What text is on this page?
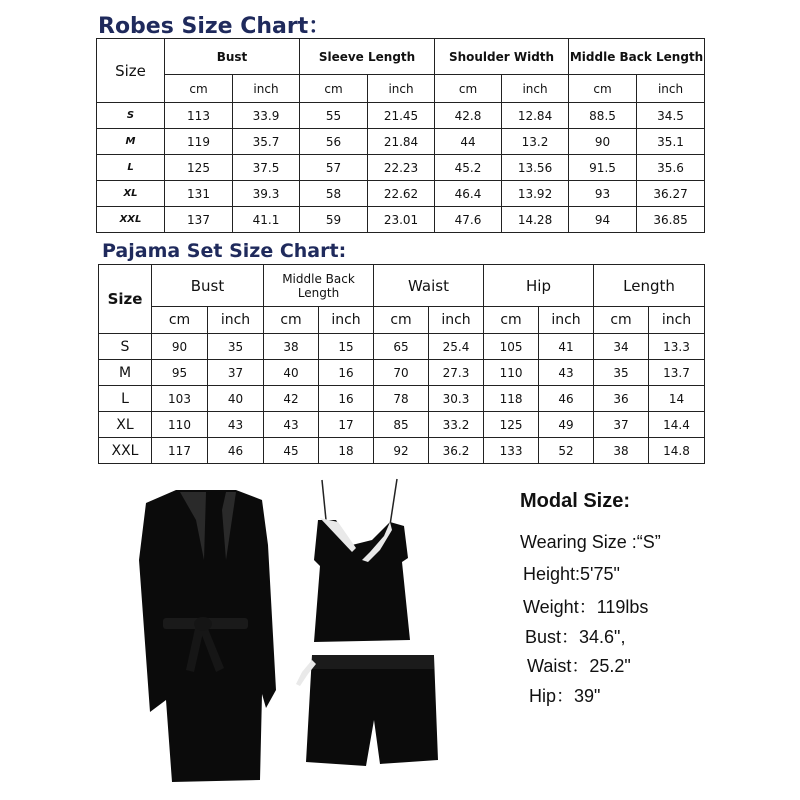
Robes Size Chart：
Size	Bust		Sleeve Length		Shoulder Width		Middle Back Length	
	cm	inch	cm	inch	cm	inch	cm	inch
S	113	33.9	55	21.45	42.8	12.84	88.5	34.5
M	119	35.7	56	21.84	44	13.2	90	35.1
L	125	37.5	57	22.23	45.2	13.56	91.5	35.6
XL	131	39.3	58	22.62	46.4	13.92	93	36.27
XXL	137	41.1	59	23.01	47.6	14.28	94	36.85
Pajama Set Size Chart:
Size	Bust		Middle Back Length		Waist		Hip		Length	
	cm	inch	cm	inch	cm	inch	cm	inch	cm	inch
S	90	35	38	15	65	25.4	105	41	34	13.3
M	95	37	40	16	70	27.3	110	43	35	13.7
L	103	40	42	16	78	30.3	118	46	36	14
XL	110	43	43	17	85	33.2	125	49	37	14.4
XXL	117	46	45	18	92	36.2	133	52	38	14.8
Modal Size:
Wearing Size :“S”
Height:5'75"
Weight：119lbs
Bust：34.6",
Waist：25.2"
Hip：39"
